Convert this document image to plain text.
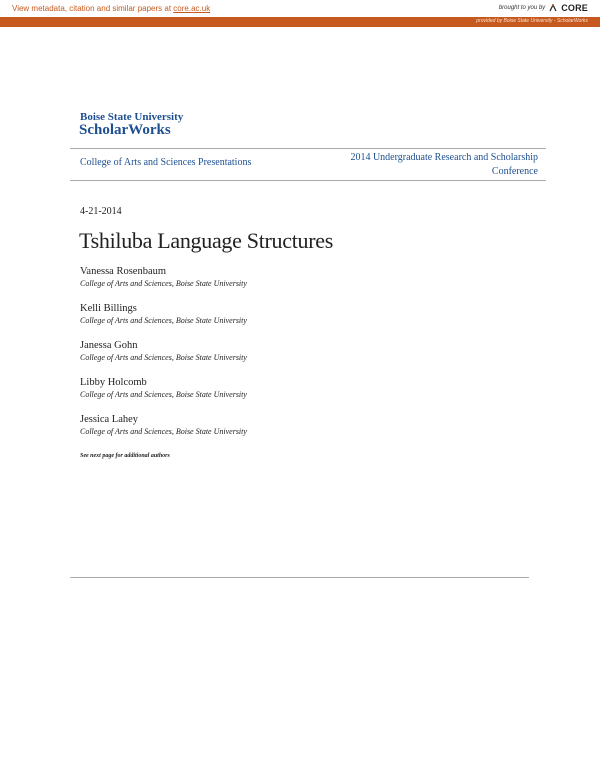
View metadata, citation and similar papers at core.ac.uk	brought to you by CORE
provided by Boise State University - ScholarWorks
Boise State University
ScholarWorks
College of Arts and Sciences Presentations	2014 Undergraduate Research and Scholarship Conference
4-21-2014
Tshiluba Language Structures
Vanessa Rosenbaum
College of Arts and Sciences, Boise State University
Kelli Billings
College of Arts and Sciences, Boise State University
Janessa Gohn
College of Arts and Sciences, Boise State University
Libby Holcomb
College of Arts and Sciences, Boise State University
Jessica Lahey
College of Arts and Sciences, Boise State University
See next page for additional authors
